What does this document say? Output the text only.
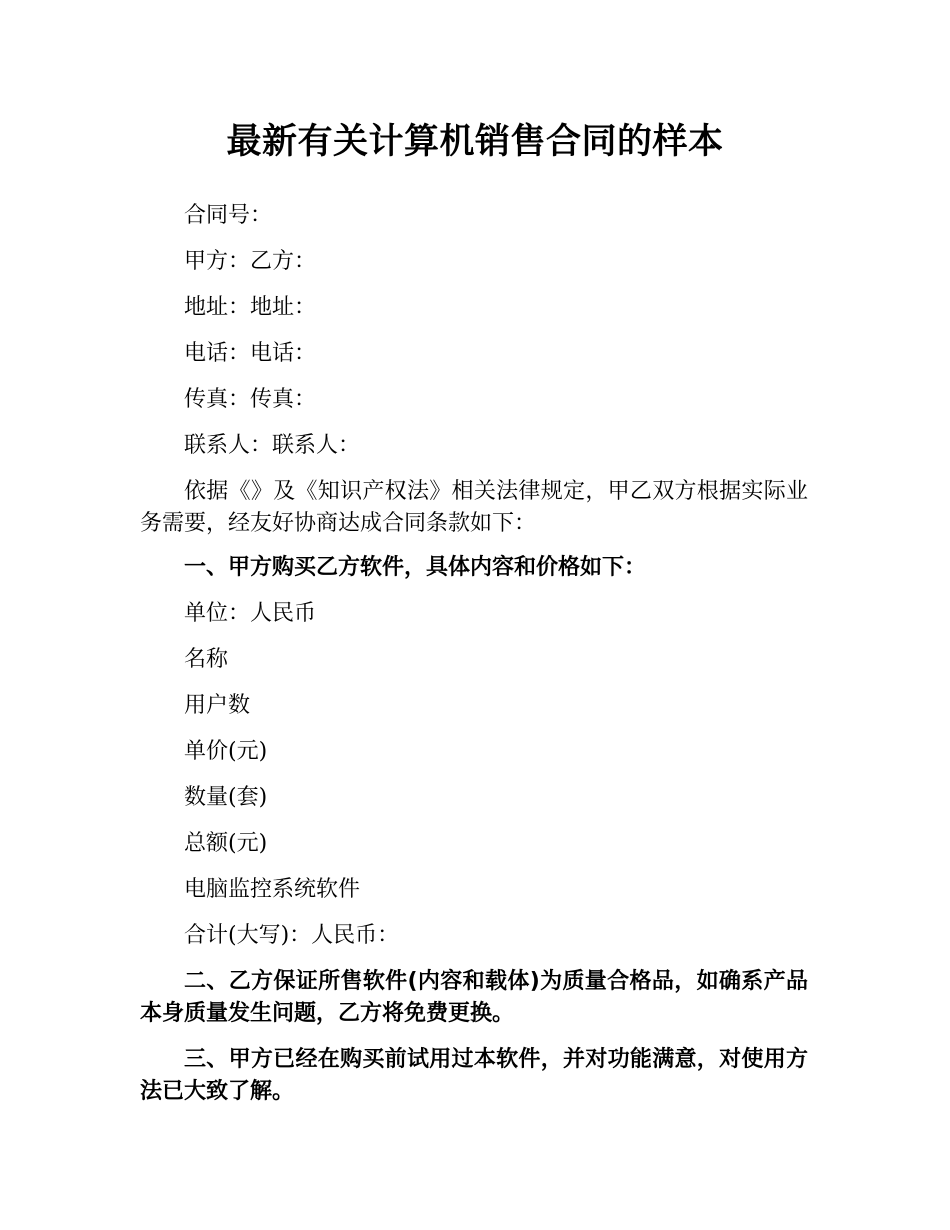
最新有关计算机销售合同的样本

合同号：

甲方：乙方：

地址：地址：

电话：电话：

传真：传真：

联系人：联系人：

依据《》及《知识产权法》相关法律规定，甲乙双方根据实际业务需要，经友好协商达成合同条款如下：

一、甲方购买乙方软件，具体内容和价格如下：

单位：人民币

名称

用户数

单价(元)

数量(套)

总额(元)

电脑监控系统软件

合计(大写)：人民币：

二、乙方保证所售软件(内容和载体)为质量合格品，如确系产品本身质量发生问题，乙方将免费更换。

三、甲方已经在购买前试用过本软件，并对功能满意，对使用方法已大致了解。
